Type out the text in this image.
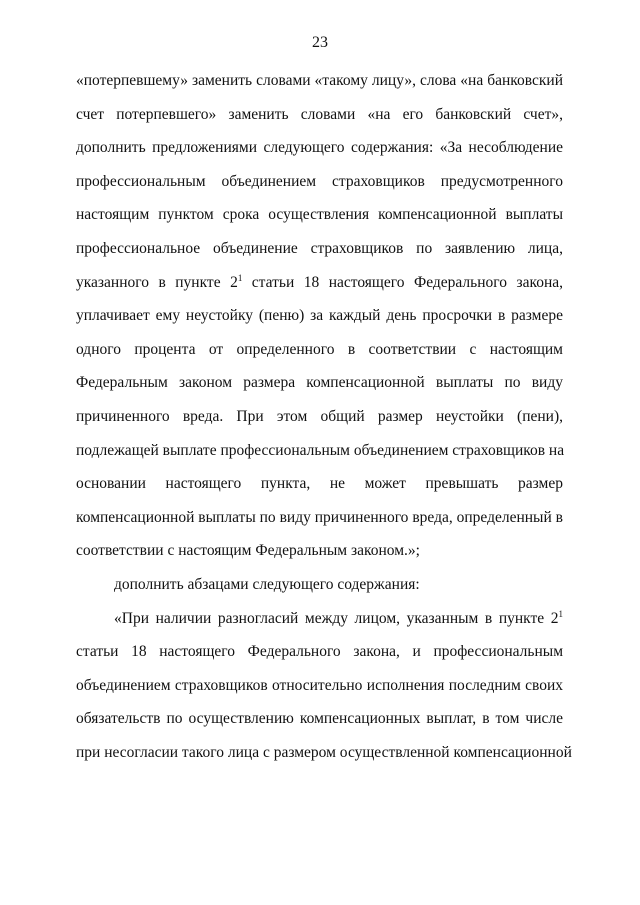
23
«потерпевшему» заменить словами «такому лицу», слова «на банковский
счет потерпевшего» заменить словами «на его банковский счет»,
дополнить предложениями следующего содержания: «За несоблюдение
профессиональным объединением страховщиков предусмотренного
настоящим пунктом срока осуществления компенсационной выплаты
профессиональное объединение страховщиков по заявлению лица,
указанного в пункте $2^1$ статьи 18 настоящего Федерального закона,
уплачивает ему неустойку (пеню) за каждый день просрочки в размере
одного процента от определенного в соответствии с настоящим
Федеральным законом размера компенсационной выплаты по виду
причиненного вреда. При этом общий размер неустойки (пени),
подлежащей выплате профессиональным объединением страховщиков на
основании настоящего пункта, не может превышать размер
компенсационной выплаты по виду причиненного вреда, определенный в
соответствии с настоящим Федеральным законом.»;
дополнить абзацами следующего содержания:
«При наличии разногласий между лицом, указанным в пункте $2^1$
статьи 18 настоящего Федерального закона, и профессиональным
объединением страховщиков относительно исполнения последним своих
обязательств по осуществлению компенсационных выплат, в том числе
при несогласии такого лица с размером осуществленной компенсационной
